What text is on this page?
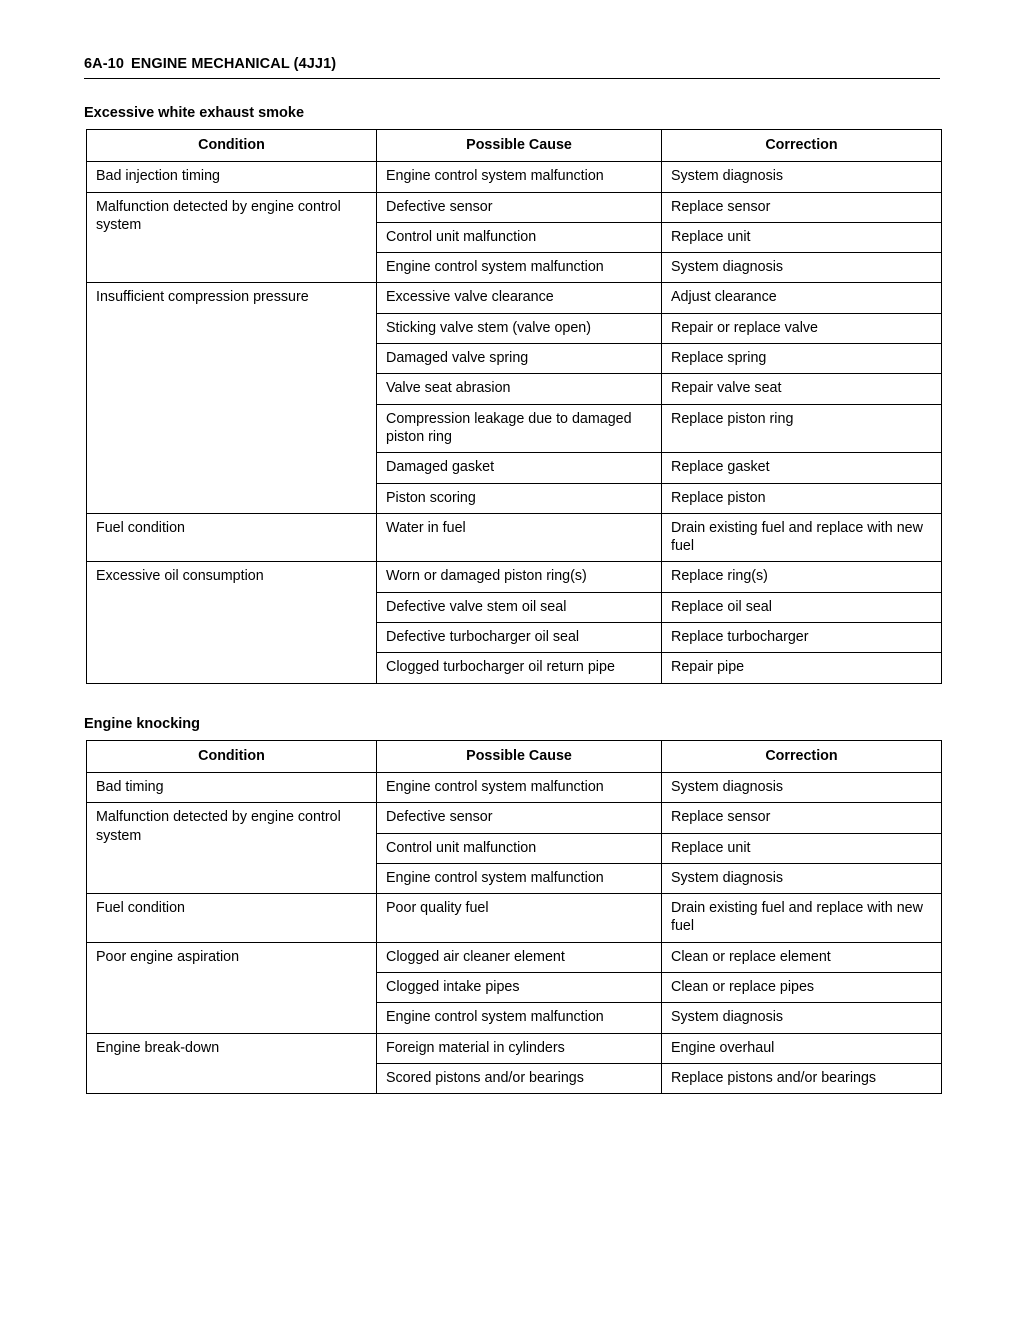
6A-10 ENGINE MECHANICAL (4JJ1)
Excessive white exhaust smoke
Condition	Possible Cause	Correction
Bad injection timing	Engine control system malfunction	System diagnosis
Malfunction detected by engine control system	Defective sensor	Replace sensor
	Control unit malfunction	Replace unit
	Engine control system malfunction	System diagnosis
Insufficient compression pressure	Excessive valve clearance	Adjust clearance
	Sticking valve stem (valve open)	Repair or replace valve
	Damaged valve spring	Replace spring
	Valve seat abrasion	Repair valve seat
	Compression leakage due to damaged piston ring	Replace piston ring
	Damaged gasket	Replace gasket
	Piston scoring	Replace piston
Fuel condition	Water in fuel	Drain existing fuel and replace with new fuel
Excessive oil consumption	Worn or damaged piston ring(s)	Replace ring(s)
	Defective valve stem oil seal	Replace oil seal
	Defective turbocharger oil seal	Replace turbocharger
	Clogged turbocharger oil return pipe	Repair pipe
Engine knocking
Condition	Possible Cause	Correction
Bad timing	Engine control system malfunction	System diagnosis
Malfunction detected by engine control system	Defective sensor	Replace sensor
	Control unit malfunction	Replace unit
	Engine control system malfunction	System diagnosis
Fuel condition	Poor quality fuel	Drain existing fuel and replace with new fuel
Poor engine aspiration	Clogged air cleaner element	Clean or replace element
	Clogged intake pipes	Clean or replace pipes
	Engine control system malfunction	System diagnosis
Engine break-down	Foreign material in cylinders	Engine overhaul
	Scored pistons and/or bearings	Replace pistons and/or bearings
